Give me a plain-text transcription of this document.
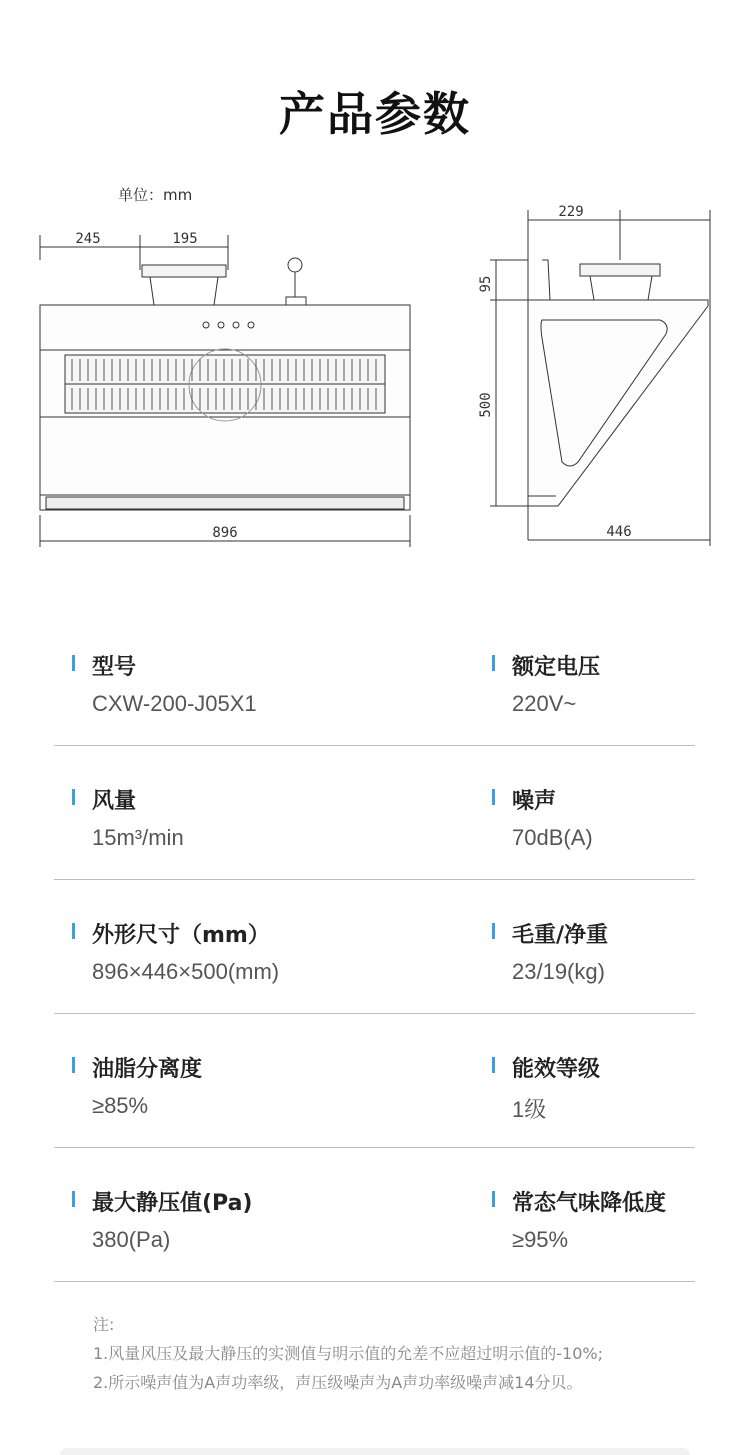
产品参数
单位：mm
245	195
896
229
95
500
446
型号
CXW-200-J05X1
额定电压
220V~
风量
15m³/min
噪声
70dB(A)
外形尺寸（mm）
896×446×500(mm)
毛重/净重
23/19(kg)
油脂分离度
≥85%
能效等级
1级
最大静压值(Pa)
380(Pa)
常态气味降低度
≥95%
注:
1.风量风压及最大静压的实测值与明示值的允差不应超过明示值的-10%;
2.所示噪声值为A声功率级，声压级噪声为A声功率级噪声减14分贝。
